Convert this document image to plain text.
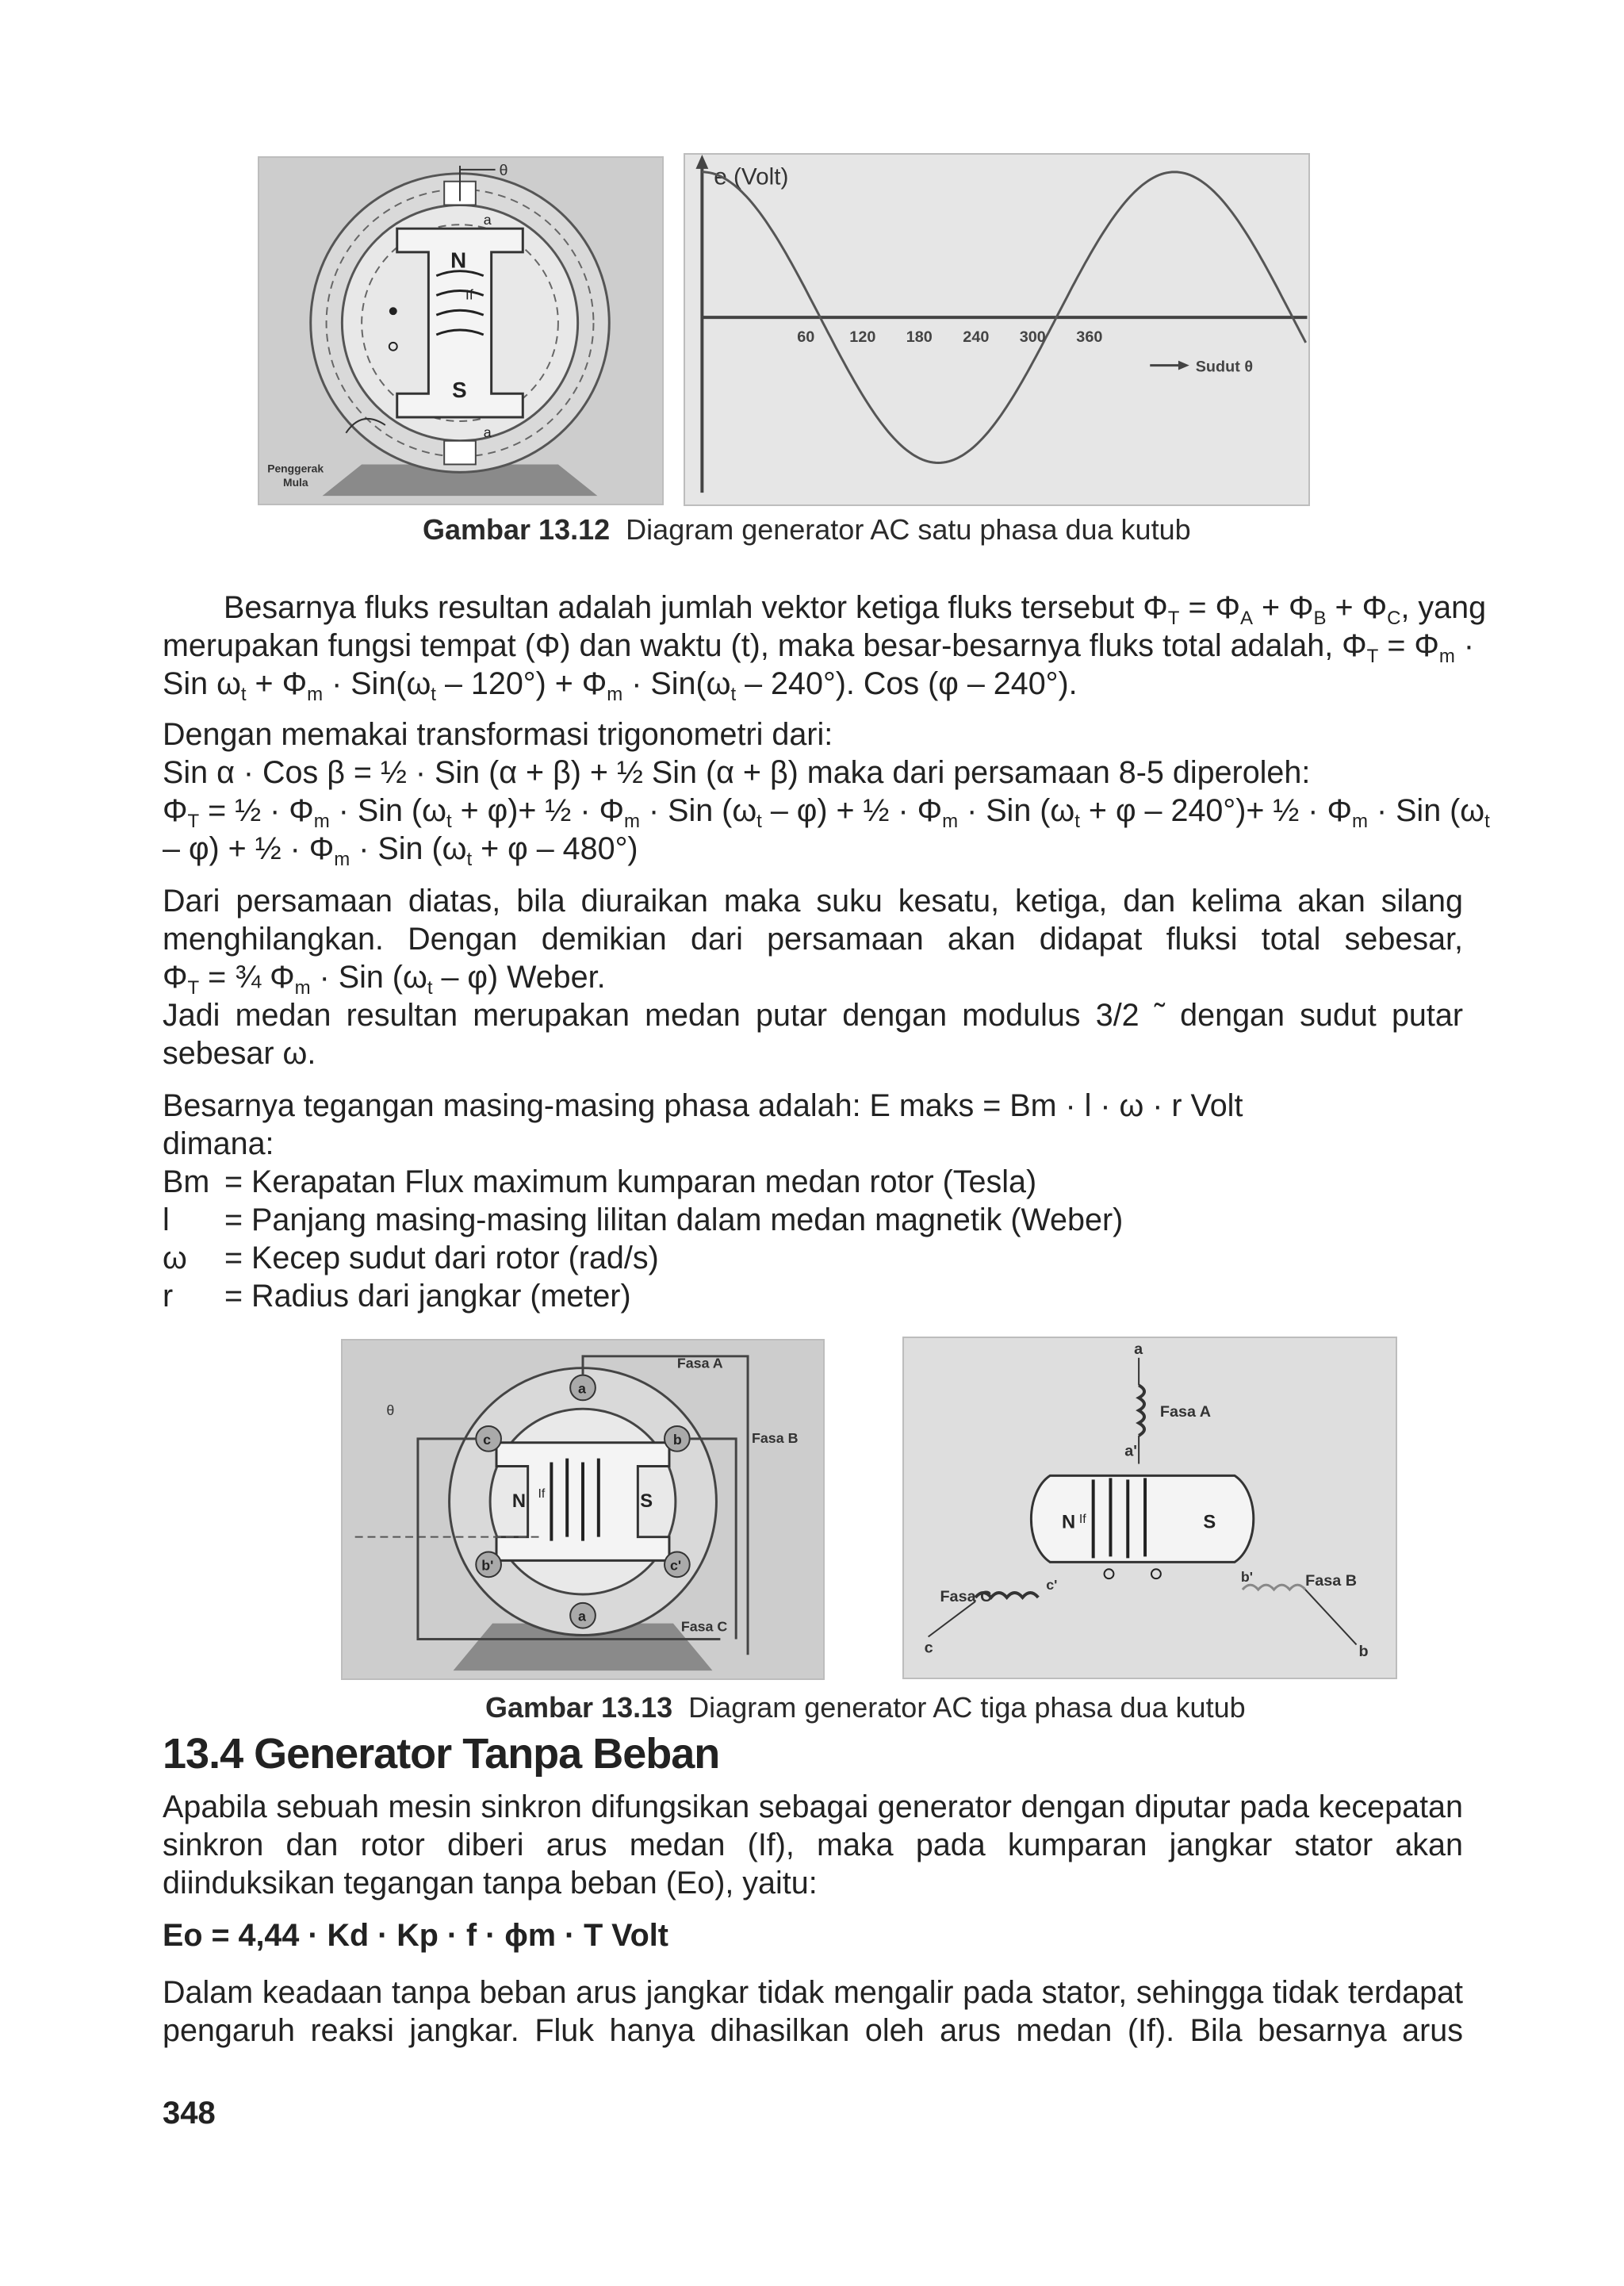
θ
N
S
If
a
a
Penggerak
Mula
e (Volt)
60 120 180 240 300 360
Sudut θ
Gambar 13.12 Diagram generator AC satu phasa dua kutub
Besarnya fluks resultan adalah jumlah vektor ketiga fluks tersebut $\Phi_T = \Phi_A + \Phi_B + \Phi_C$, yang
merupakan fungsi tempat (Φ) dan waktu (t), maka besar-besarnya fluks total adalah, $\Phi_T = \Phi_m$ ·
Sin $\omega_t + \Phi_m \cdot Sin(\omega_t - 120^\circ) + \Phi_m \cdot Sin(\omega_t - 240^\circ)$. Cos (φ – 240°).
Dengan memakai transformasi trigonometri dari:
Sin α · Cos β = ½ · Sin (α + β) + ½ Sin (α + β) maka dari persamaan 8-5 diperoleh:
$\Phi_T$ = ½ · $\Phi_m$ · Sin $(\omega_t + \varphi)+$ ½ · $\Phi_m$ · Sin $(\omega_t - \varphi)$ + ½ · $\Phi_m$ · Sin $(\omega_t + \varphi - 240^\circ)+$ ½ · $\Phi_m$ · Sin ($\omega_t$
– φ) + ½ · $\Phi_m$ · Sin $(\omega_t + \varphi - 480^\circ)$
Dari persamaan diatas, bila diuraikan maka suku kesatu, ketiga, dan kelima akan silang
menghilangkan. Dengan demikian dari persamaan akan didapat fluksi total sebesar,
$\Phi_T$ = ¾ $\Phi_m$ · Sin $(\omega_t - \varphi)$ Weber.
Jadi medan resultan merupakan medan putar dengan modulus 3/2 ˜ dengan sudut putar
sebesar ω.
Besarnya tegangan masing-masing phasa adalah: E maks = Bm · l · ω · r Volt
dimana:
Bm = Kerapatan Flux maximum kumparan medan rotor (Tesla)
l = Panjang masing-masing lilitan dalam medan magnetik (Weber)
ω = Kecep sudut dari rotor (rad/s)
r = Radius dari jangkar (meter)
a
a
b
b'
c
c'
N	S
If
Fasa A
Fasa B
Fasa C
θ
a
a'
Fasa A
N	S
If
b'	Fasa B
b
c'
Fasa C
c
Gambar 13.13 Diagram generator AC tiga phasa dua kutub
13.4 Generator Tanpa Beban
Apabila sebuah mesin sinkron difungsikan sebagai generator dengan diputar pada kecepatan
sinkron dan rotor diberi arus medan (If), maka pada kumparan jangkar stator akan
diinduksikan tegangan tanpa beban (Eo), yaitu:
Eo = 4,44 · Kd · Kp · f · ϕm · T Volt
Dalam keadaan tanpa beban arus jangkar tidak mengalir pada stator, sehingga tidak terdapat
pengaruh reaksi jangkar. Fluk hanya dihasilkan oleh arus medan (If). Bila besarnya arus
348
